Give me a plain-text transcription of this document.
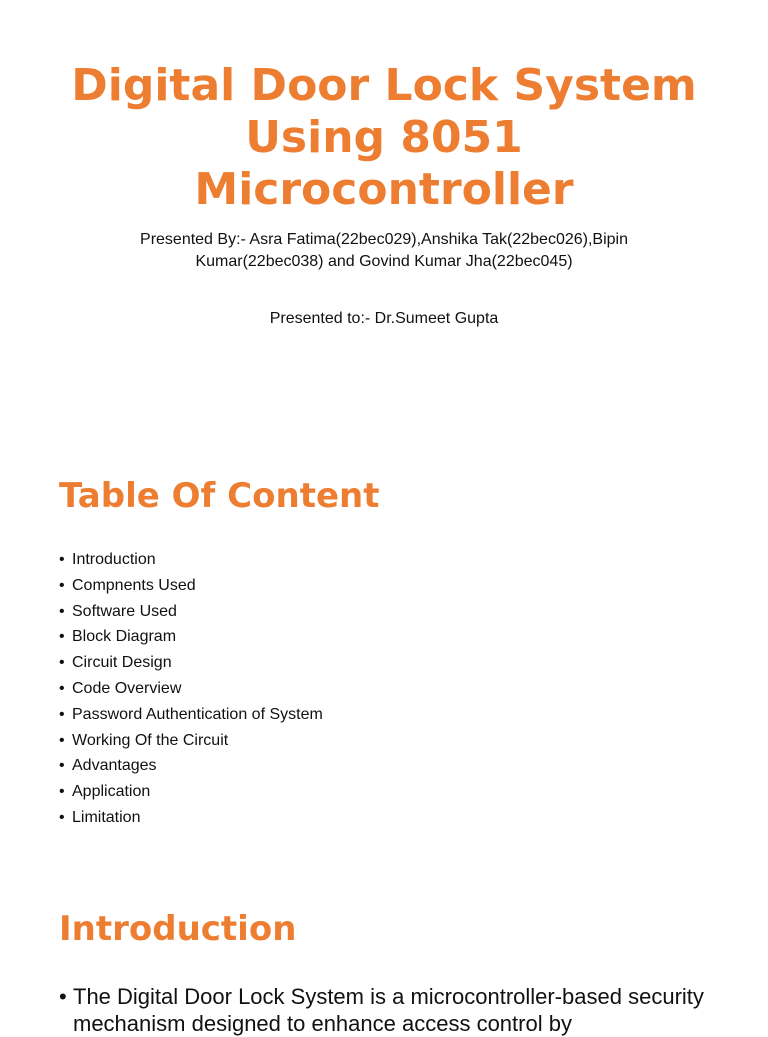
Digital Door Lock System Using 8051 Microcontroller

Presented By:- Asra Fatima(22bec029),Anshika Tak(22bec026),Bipin Kumar(22bec038) and Govind Kumar Jha(22bec045)

Presented to:- Dr.Sumeet Gupta

Table Of Content
• Introduction
• Compnents Used
• Software Used
• Block Diagram
• Circuit Design
• Code Overview
• Password Authentication of System
• Working Of the Circuit
• Advantages
• Application
• Limitation
Introduction

• The Digital Door Lock System is a microcontroller-based security mechanism designed to enhance access control by
